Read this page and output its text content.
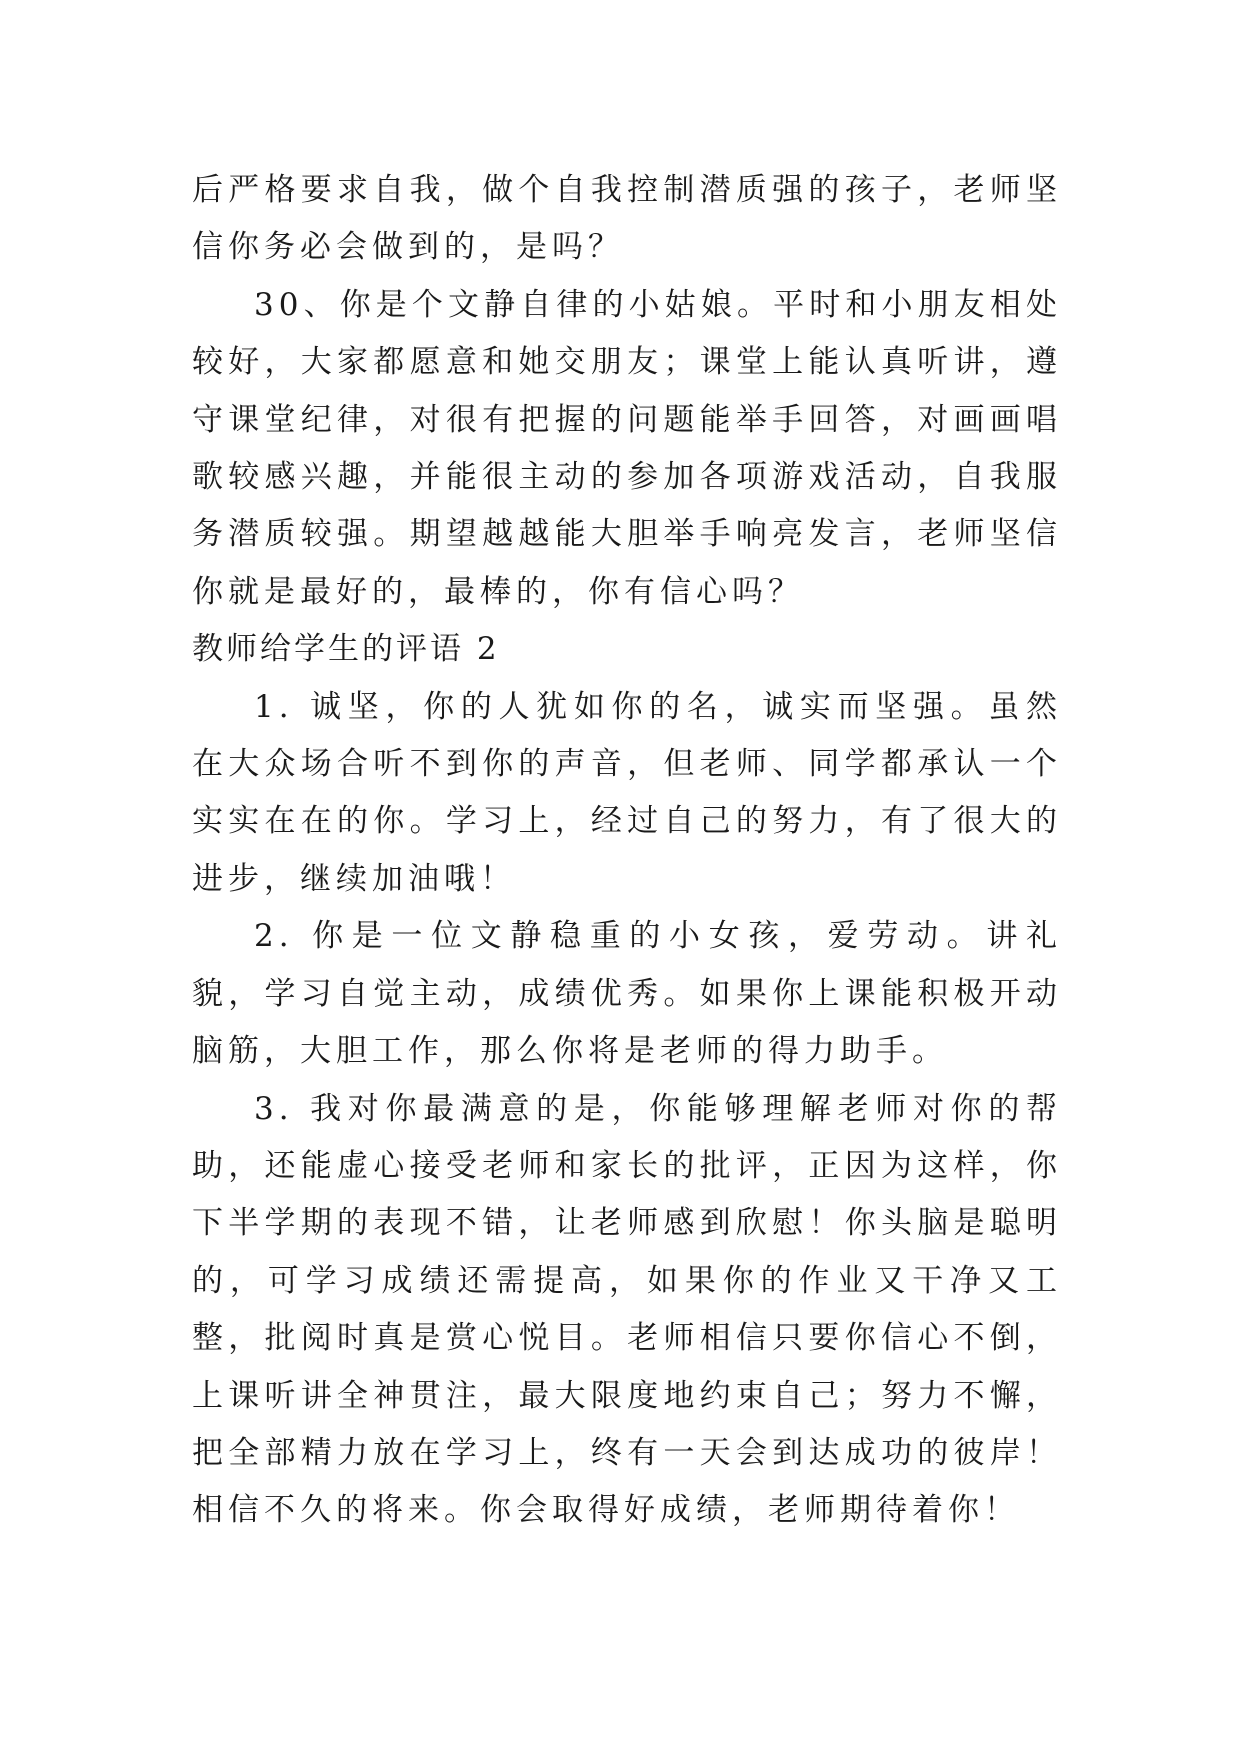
后严格要求自我，做个自我控制潜质强的孩子，老师坚信你务必会做到的，是吗？

30、你是个文静自律的小姑娘。平时和小朋友相处较好，大家都愿意和她交朋友；课堂上能认真听讲，遵守课堂纪律，对很有把握的问题能举手回答，对画画唱歌较感兴趣，并能很主动的参加各项游戏活动，自我服务潜质较强。期望越越能大胆举手响亮发言，老师坚信你就是最好的，最棒的，你有信心吗？

教师给学生的评语 2

1. 诚坚，你的人犹如你的名，诚实而坚强。虽然在大众场合听不到你的声音，但老师、同学都承认一个实实在在的你。学习上，经过自己的努力，有了很大的进步，继续加油哦！

2. 你是一位文静稳重的小女孩，爱劳动。讲礼貌，学习自觉主动，成绩优秀。如果你上课能积极开动脑筋，大胆工作，那么你将是老师的得力助手。

3. 我对你最满意的是，你能够理解老师对你的帮助，还能虚心接受老师和家长的批评，正因为这样，你下半学期的表现不错，让老师感到欣慰！你头脑是聪明的，可学习成绩还需提高，如果你的作业又干净又工整，批阅时真是赏心悦目。老师相信只要你信心不倒，上课听讲全神贯注，最大限度地约束自己；努力不懈，把全部精力放在学习上，终有一天会到达成功的彼岸！相信不久的将来。你会取得好成绩，老师期待着你！
